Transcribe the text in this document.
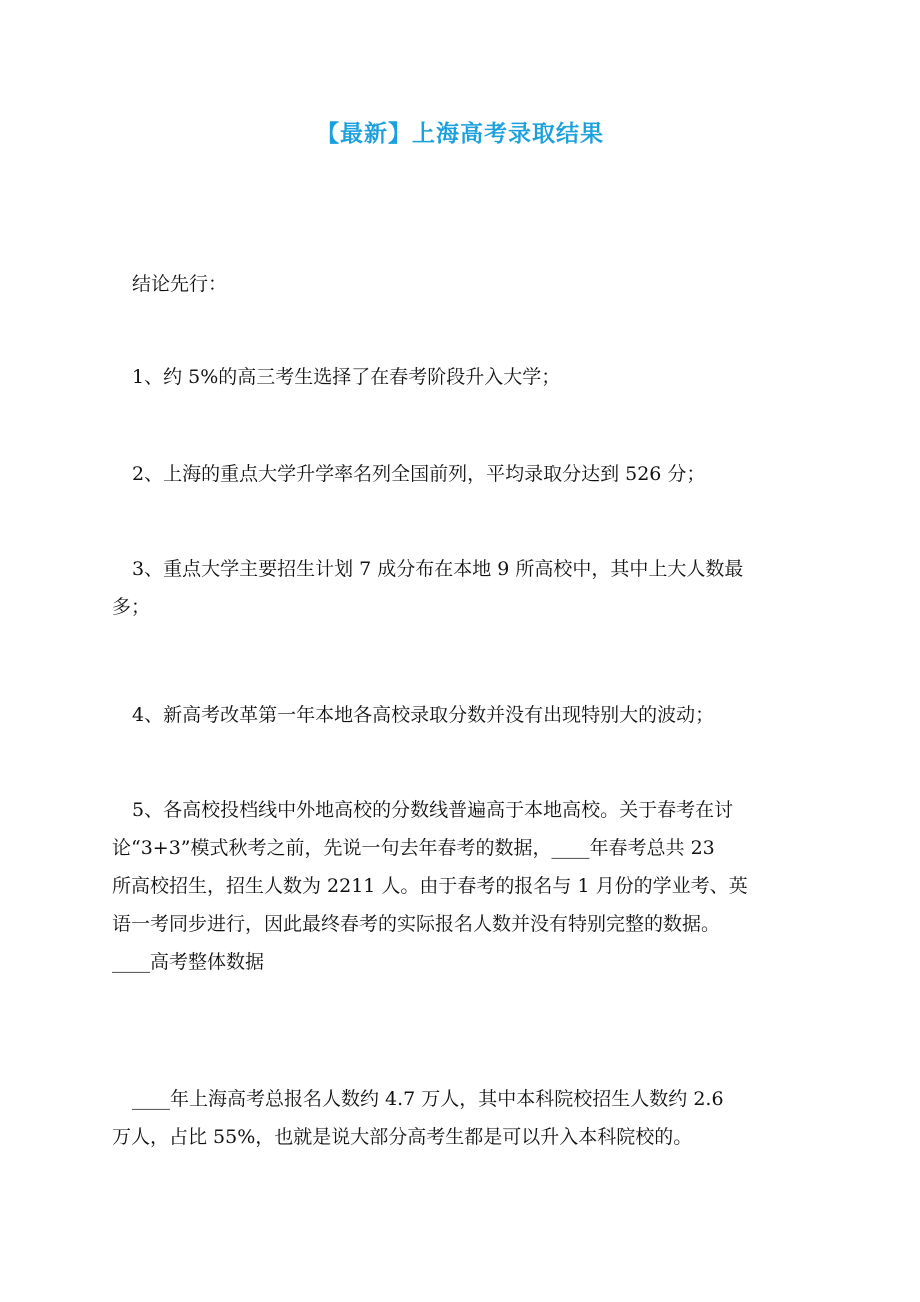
【最新】上海高考录取结果
结论先行：
1、约 5%的高三考生选择了在春考阶段升入大学；
2、上海的重点大学升学率名列全国前列，平均录取分达到 526 分；
3、重点大学主要招生计划 7 成分布在本地 9 所高校中，其中上大人数最
多；
4、新高考改革第一年本地各高校录取分数并没有出现特别大的波动；
5、各高校投档线中外地高校的分数线普遍高于本地高校。关于春考在讨
论“3+3”模式秋考之前，先说一句去年春考的数据，____年春考总共 23
所高校招生，招生人数为 2211 人。由于春考的报名与 1 月份的学业考、英
语一考同步进行，因此最终春考的实际报名人数并没有特别完整的数据。
____高考整体数据
____年上海高考总报名人数约 4.7 万人，其中本科院校招生人数约 2.6
万人，占比 55%，也就是说大部分高考生都是可以升入本科院校的。
